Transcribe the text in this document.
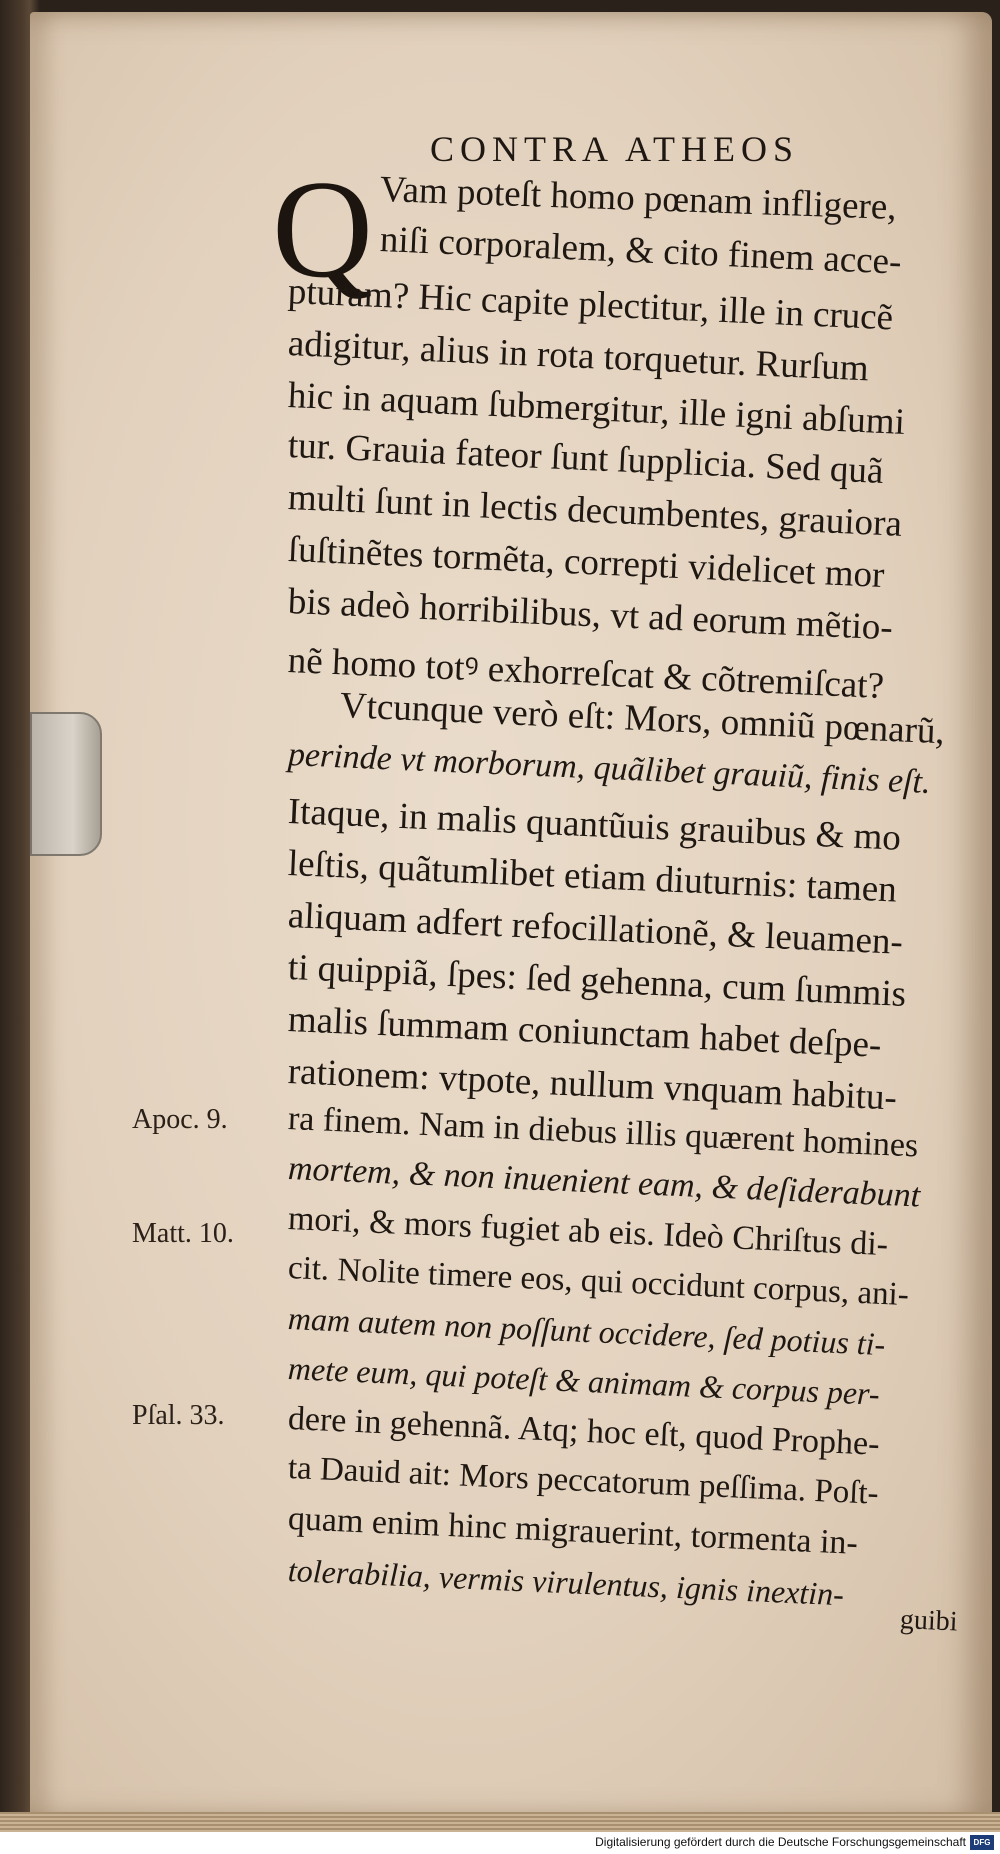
CONTRA ATHEOS
Q Vam poteſt homo pœnam infligere,
niſi corporalem, & cito finem acce-
pturam? Hic capite plectitur, ille in crucẽ
adigitur, alius in rota torquetur. Rurſum
hic in aquam ſubmergitur, ille igni abſumi
tur. Grauia fateor ſunt ſupplicia. Sed quã
multi ſunt in lectis decumbentes, grauiora
ſuſtinẽtes tormẽta, correpti videlicet mor
bis adeò horribilibus, vt ad eorum mẽtio-
nẽ homo totꝰ exhorreſcat & cõtremiſcat?
Vtcunque verò eſt: Mors, omniũ pœnarũ,
perinde vt morborum, quãlibet grauiũ, finis eſt.
Itaque, in malis quantũuis grauibus & mo
leſtis, quãtumlibet etiam diuturnis: tamen
aliquam adfert refocillationẽ, & leuamen-
ti quippiã, ſpes: ſed gehenna, cum ſummis
malis ſummam coniunctam habet deſpe-
rationem: vtpote, nullum vnquam habitu-
ra finem. Nam in diebus illis quærent homines
mortem, & non inuenient eam, & deſiderabunt
mori, & mors fugiet ab eis. Ideò Chriſtus di-
cit. Nolite timere eos, qui occidunt corpus, ani-
mam autem non poſſunt occidere, ſed potius ti-
mete eum, qui poteſt & animam & corpus per-
dere in gehennã. Atq; hoc eſt, quod Prophe-
ta Dauid ait: Mors peccatorum peſſima. Poſt-
quam enim hinc migrauerint, tormenta in-
tolerabilia, vermis virulentus, ignis inextin-
guibi
Apoc. 9.
Matt. 10.
Pſal. 33.
Digitalisierung gefördert durch die Deutsche Forschungsgemeinschaft DFG
